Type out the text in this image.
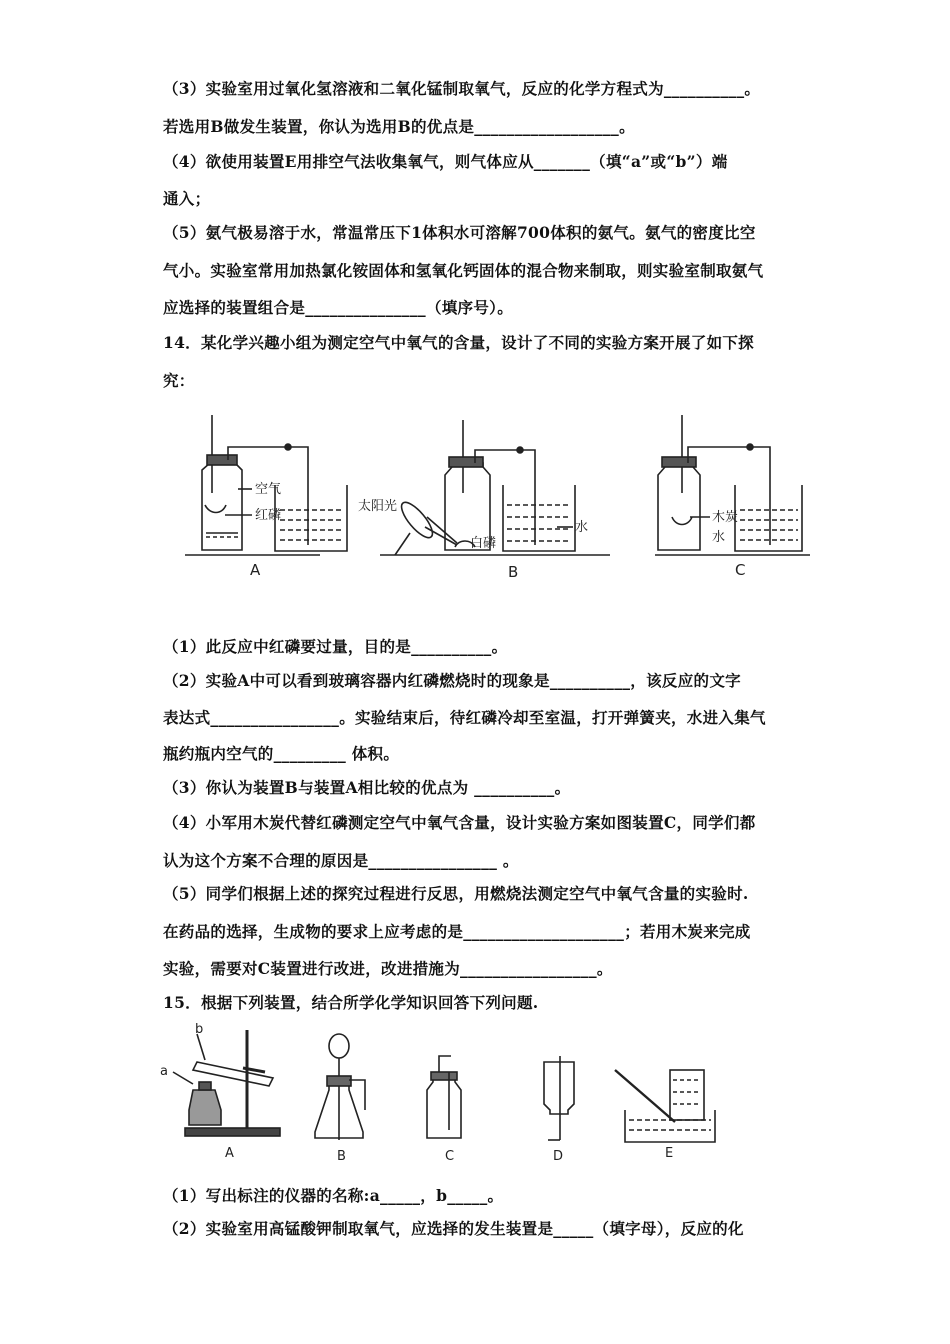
（3）实验室用过氧化氢溶液和二氧化锰制取氧气，反应的化学方程式为__________。
若选用B做发生装置，你认为选用B的优点是__________________。
（4）欲使用装置E用排空气法收集氧气，则气体应从_______（填“a”或“b”）端
通入；
（5）氨气极易溶于水，常温常压下1体积水可溶解700体积的氨气。氨气的密度比空
气小。实验室常用加热氯化铵固体和氢氧化钙固体的混合物来制取，则实验室制取氨气
应选择的装置组合是_______________（填序号）。
14．某化学兴趣小组为测定空气中氧气的含量，设计了不同的实验方案开展了如下探
究：
空气
红磷
A
太阳光
白磷
水
B
木炭
水
C
（1）此反应中红磷要过量，目的是__________。
（2）实验A中可以看到玻璃容器内红磷燃烧时的现象是__________，该反应的文字
表达式________________。实验结束后，待红磷冷却至室温，打开弹簧夹，水进入集气
瓶约瓶内空气的_________ 体积。
（3）你认为装置B与装置A相比较的优点为 __________。
（4）小军用木炭代替红磷测定空气中氧气含量，设计实验方案如图装置C，同学们都
认为这个方案不合理的原因是________________ 。
（5）同学们根据上述的探究过程进行反思，用燃烧法测定空气中氧气含量的实验时.
在药品的选择，生成物的要求上应考虑的是____________________；若用木炭来完成
实验，需要对C装置进行改进，改进措施为_________________。
15．根据下列装置，结合所学化学知识回答下列问题.
b
a
A	B	C	D	E
（1）写出标注的仪器的名称:a_____，b_____。
（2）实验室用高锰酸钾制取氧气，应选择的发生装置是_____（填字母），反应的化
